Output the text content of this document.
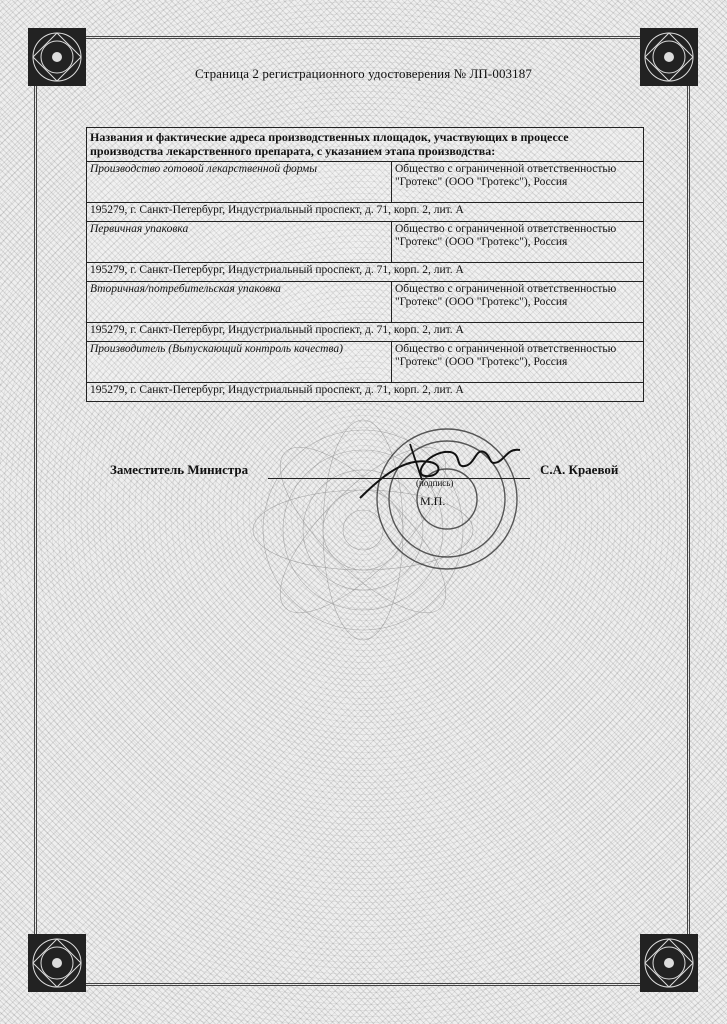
Страница 2 регистрационного удостоверения № ЛП-003187
Названия и фактические адреса производственных площадок, участвующих в процессе производства лекарственного препарата, с указанием этапа производства:	
Производство готовой лекарственной формы	Общество с ограниченной ответственностью "Гротекс" (ООО "Гротекс"), Россия
195279, г. Санкт-Петербург, Индустриальный проспект, д. 71, корп. 2, лит. А	
Первичная упаковка	Общество с ограниченной ответственностью "Гротекс" (ООО "Гротекс"), Россия
195279, г. Санкт-Петербург, Индустриальный проспект, д. 71, корп. 2, лит. А	
Вторичная/потребительская упаковка	Общество с ограниченной ответственностью "Гротекс" (ООО "Гротекс"), Россия
195279, г. Санкт-Петербург, Индустриальный проспект, д. 71, корп. 2, лит. А	
Производитель (Выпускающий контроль качества)	Общество с ограниченной ответственностью "Гротекс" (ООО "Гротекс"), Россия
195279, г. Санкт-Петербург, Индустриальный проспект, д. 71, корп. 2, лит. А	
Заместитель Министра	С.А. Краевой
(подпись)
М.П.
